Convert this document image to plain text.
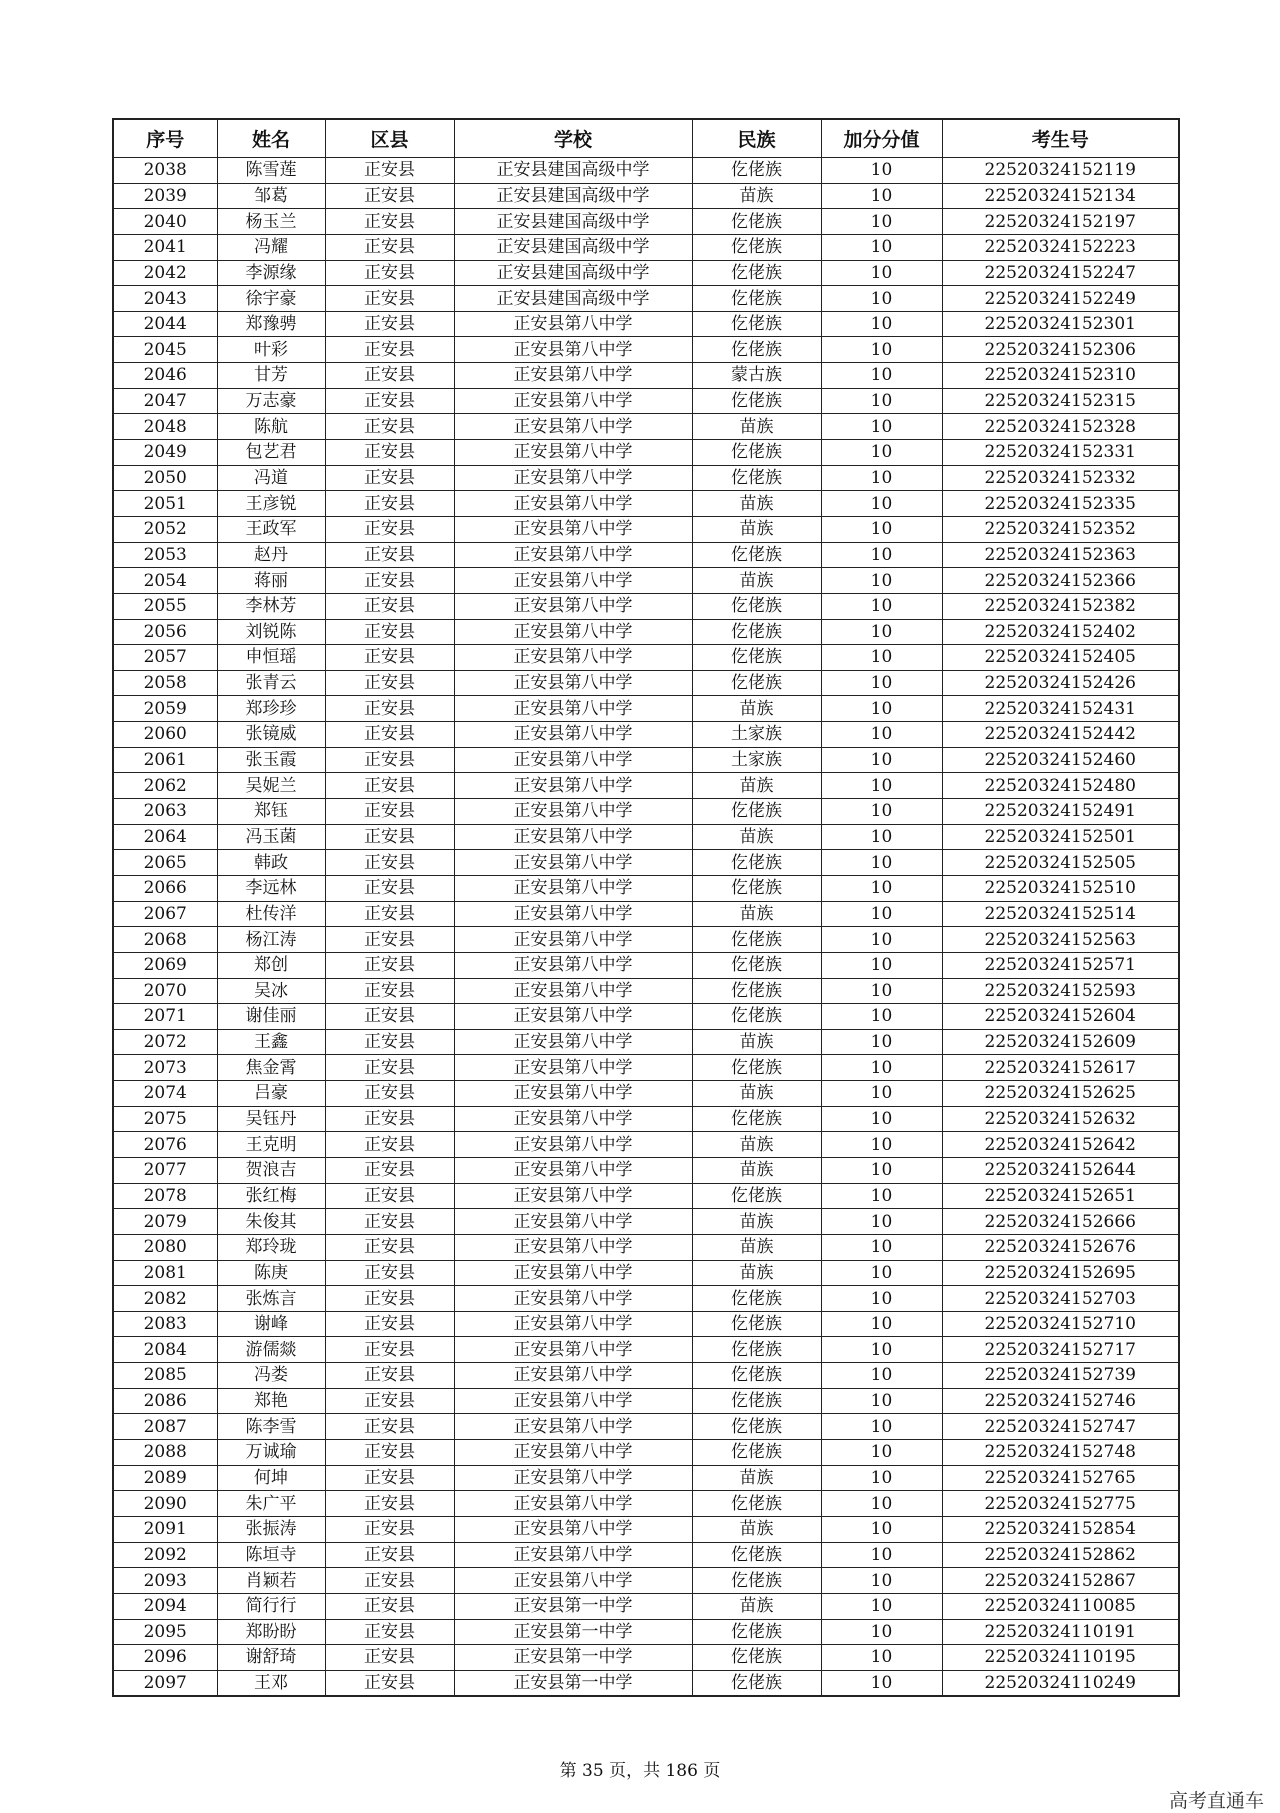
序号	姓名	区县	学校	民族	加分分值	考生号
2038	陈雪莲	正安县	正安县建国高级中学	仡佬族	10	22520324152119
2039	邹葛	正安县	正安县建国高级中学	苗族	10	22520324152134
2040	杨玉兰	正安县	正安县建国高级中学	仡佬族	10	22520324152197
2041	冯耀	正安县	正安县建国高级中学	仡佬族	10	22520324152223
2042	李源缘	正安县	正安县建国高级中学	仡佬族	10	22520324152247
2043	徐宇豪	正安县	正安县建国高级中学	仡佬族	10	22520324152249
2044	郑豫骋	正安县	正安县第八中学	仡佬族	10	22520324152301
2045	叶彩	正安县	正安县第八中学	仡佬族	10	22520324152306
2046	甘芳	正安县	正安县第八中学	蒙古族	10	22520324152310
2047	万志豪	正安县	正安县第八中学	仡佬族	10	22520324152315
2048	陈航	正安县	正安县第八中学	苗族	10	22520324152328
2049	包艺君	正安县	正安县第八中学	仡佬族	10	22520324152331
2050	冯道	正安县	正安县第八中学	仡佬族	10	22520324152332
2051	王彦锐	正安县	正安县第八中学	苗族	10	22520324152335
2052	王政军	正安县	正安县第八中学	苗族	10	22520324152352
2053	赵丹	正安县	正安县第八中学	仡佬族	10	22520324152363
2054	蒋丽	正安县	正安县第八中学	苗族	10	22520324152366
2055	李林芳	正安县	正安县第八中学	仡佬族	10	22520324152382
2056	刘锐陈	正安县	正安县第八中学	仡佬族	10	22520324152402
2057	申恒瑶	正安县	正安县第八中学	仡佬族	10	22520324152405
2058	张青云	正安县	正安县第八中学	仡佬族	10	22520324152426
2059	郑珍珍	正安县	正安县第八中学	苗族	10	22520324152431
2060	张镜威	正安县	正安县第八中学	土家族	10	22520324152442
2061	张玉霞	正安县	正安县第八中学	土家族	10	22520324152460
2062	吴妮兰	正安县	正安县第八中学	苗族	10	22520324152480
2063	郑钰	正安县	正安县第八中学	仡佬族	10	22520324152491
2064	冯玉菌	正安县	正安县第八中学	苗族	10	22520324152501
2065	韩政	正安县	正安县第八中学	仡佬族	10	22520324152505
2066	李远林	正安县	正安县第八中学	仡佬族	10	22520324152510
2067	杜传洋	正安县	正安县第八中学	苗族	10	22520324152514
2068	杨江涛	正安县	正安县第八中学	仡佬族	10	22520324152563
2069	郑创	正安县	正安县第八中学	仡佬族	10	22520324152571
2070	吴冰	正安县	正安县第八中学	仡佬族	10	22520324152593
2071	谢佳丽	正安县	正安县第八中学	仡佬族	10	22520324152604
2072	王鑫	正安县	正安县第八中学	苗族	10	22520324152609
2073	焦金霄	正安县	正安县第八中学	仡佬族	10	22520324152617
2074	吕豪	正安县	正安县第八中学	苗族	10	22520324152625
2075	吴钰丹	正安县	正安县第八中学	仡佬族	10	22520324152632
2076	王克明	正安县	正安县第八中学	苗族	10	22520324152642
2077	贺浪吉	正安县	正安县第八中学	苗族	10	22520324152644
2078	张红梅	正安县	正安县第八中学	仡佬族	10	22520324152651
2079	朱俊其	正安县	正安县第八中学	苗族	10	22520324152666
2080	郑玲珑	正安县	正安县第八中学	苗族	10	22520324152676
2081	陈庚	正安县	正安县第八中学	苗族	10	22520324152695
2082	张炼言	正安县	正安县第八中学	仡佬族	10	22520324152703
2083	谢峰	正安县	正安县第八中学	仡佬族	10	22520324152710
2084	游儒燚	正安县	正安县第八中学	仡佬族	10	22520324152717
2085	冯娄	正安县	正安县第八中学	仡佬族	10	22520324152739
2086	郑艳	正安县	正安县第八中学	仡佬族	10	22520324152746
2087	陈李雪	正安县	正安县第八中学	仡佬族	10	22520324152747
2088	万诚瑜	正安县	正安县第八中学	仡佬族	10	22520324152748
2089	何坤	正安县	正安县第八中学	苗族	10	22520324152765
2090	朱广平	正安县	正安县第八中学	仡佬族	10	22520324152775
2091	张振涛	正安县	正安县第八中学	苗族	10	22520324152854
2092	陈垣寺	正安县	正安县第八中学	仡佬族	10	22520324152862
2093	肖颖若	正安县	正安县第八中学	仡佬族	10	22520324152867
2094	简行行	正安县	正安县第一中学	苗族	10	22520324110085
2095	郑盼盼	正安县	正安县第一中学	仡佬族	10	22520324110191
2096	谢舒琦	正安县	正安县第一中学	仡佬族	10	22520324110195
2097	王邓	正安县	正安县第一中学	仡佬族	10	22520324110249
第 35 页，共 186 页
高考直通车
